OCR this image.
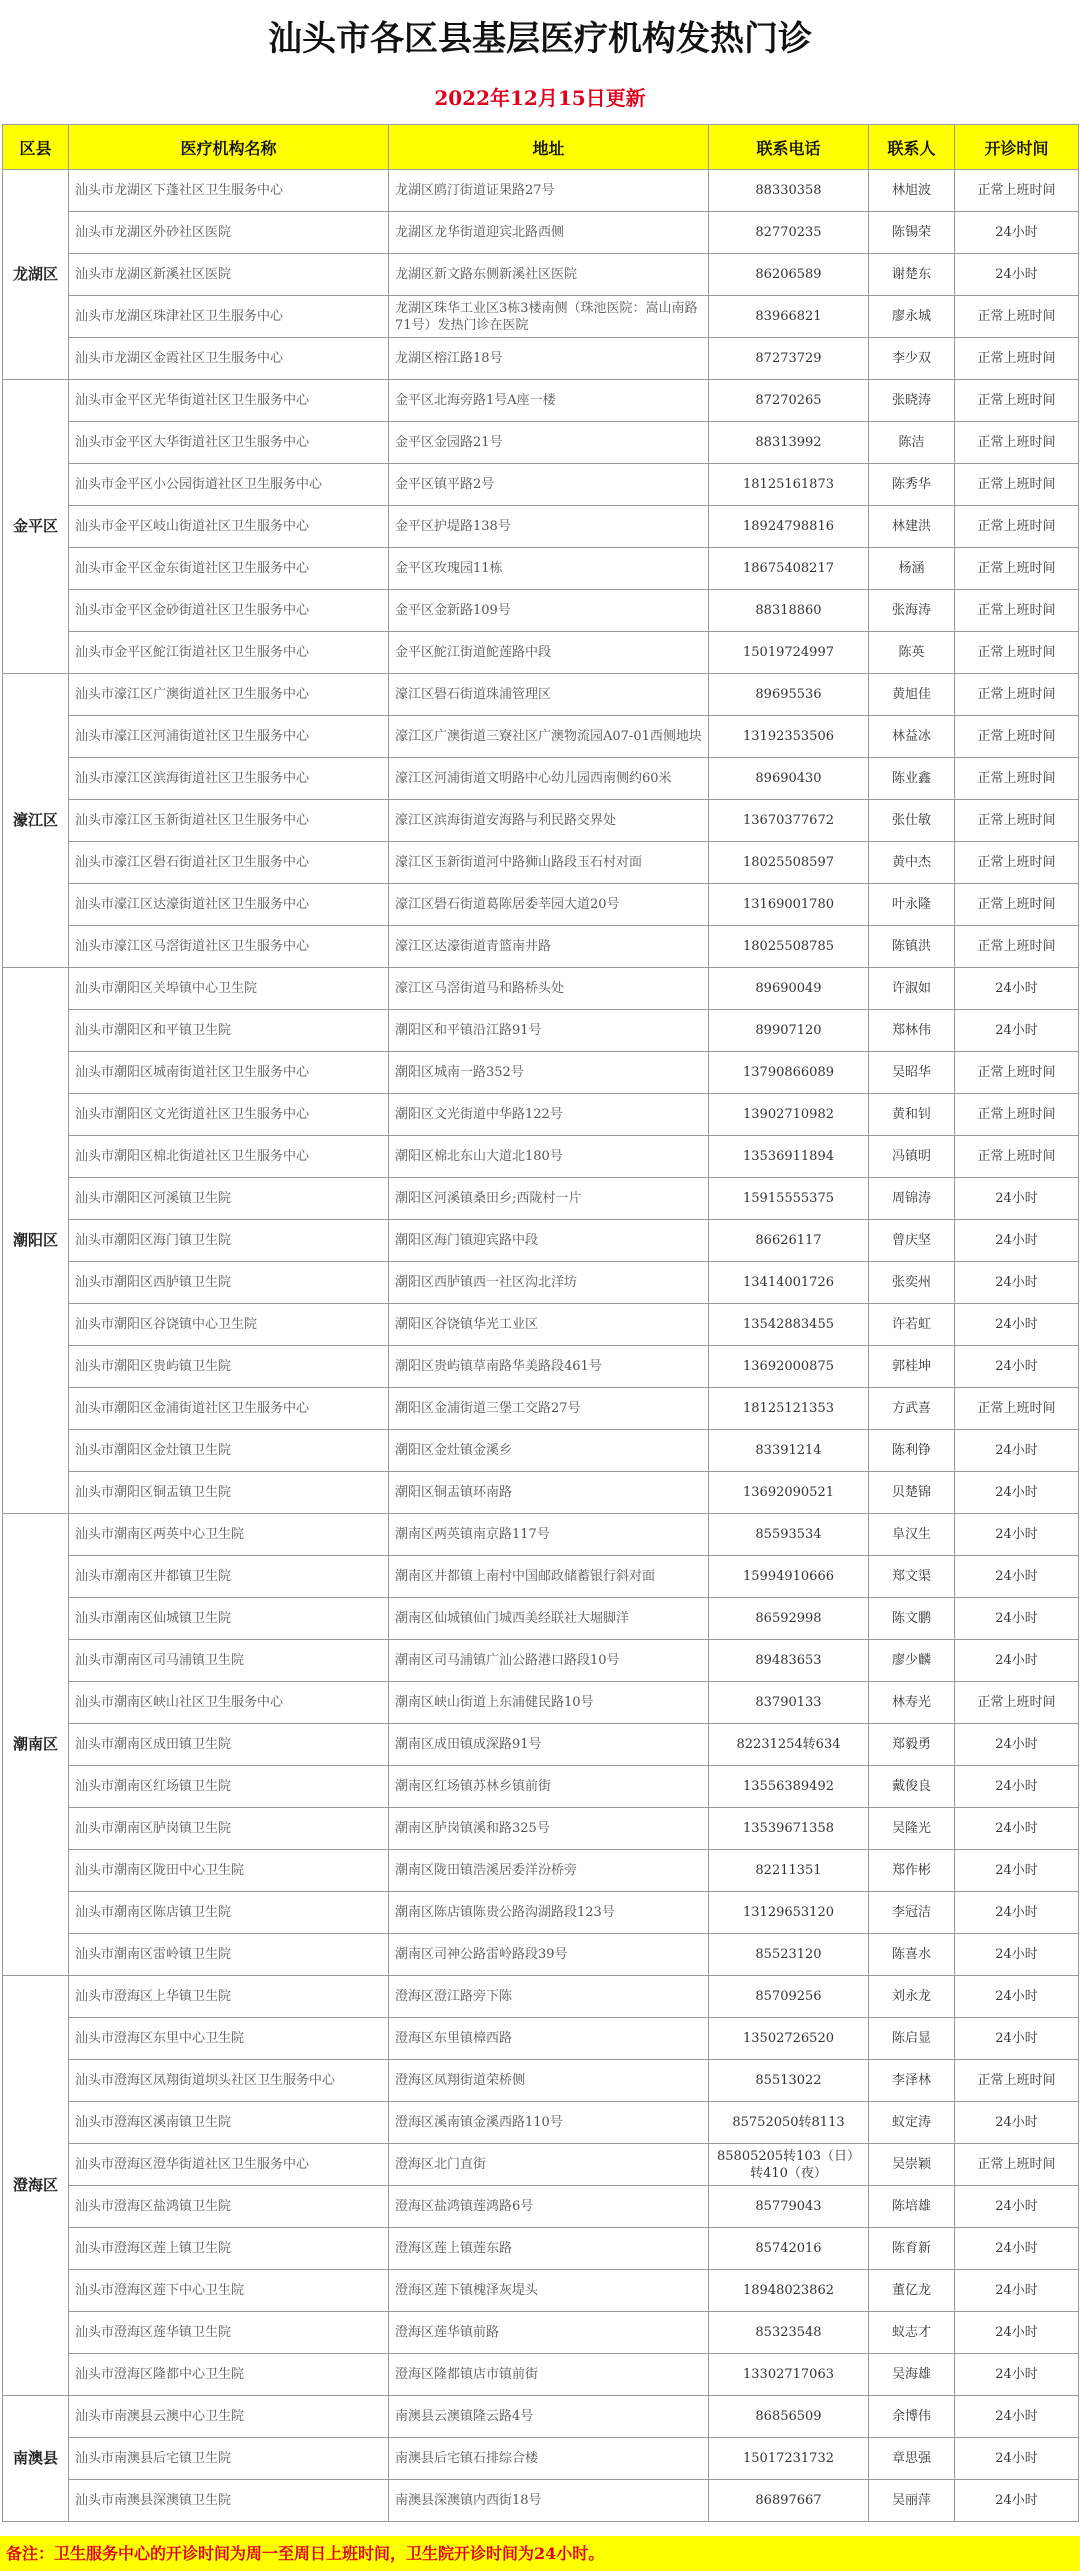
汕头市各区县基层医疗机构发热门诊
2022年12月15日更新
区县	医疗机构名称	地址	联系电话	联系人	开诊时间
龙湖区	汕头市龙湖区下蓬社区卫生服务中心	龙湖区鸥汀街道证果路27号	88330358	林旭波	正常上班时间
	汕头市龙湖区外砂社区医院	龙湖区龙华街道迎宾北路西侧	82770235	陈锡荣	24小时
	汕头市龙湖区新溪社区医院	龙湖区新文路东侧新溪社区医院	86206589	谢楚东	24小时
	汕头市龙湖区珠津社区卫生服务中心	龙湖区珠华工业区3栋3楼南侧（珠池医院：嵩山南路71号）发热门诊在医院	83966821	廖永城	正常上班时间
	汕头市龙湖区金霞社区卫生服务中心	龙湖区榕江路18号	87273729	李少双	正常上班时间
金平区	汕头市金平区光华街道社区卫生服务中心	金平区北海旁路1号A座一楼	87270265	张晓涛	正常上班时间
	汕头市金平区大华街道社区卫生服务中心	金平区金园路21号	88313992	陈洁	正常上班时间
	汕头市金平区小公园街道社区卫生服务中心	金平区镇平路2号	18125161873	陈秀华	正常上班时间
	汕头市金平区岐山街道社区卫生服务中心	金平区护堤路138号	18924798816	林建洪	正常上班时间
	汕头市金平区金东街道社区卫生服务中心	金平区玫瑰园11栋	18675408217	杨涵	正常上班时间
	汕头市金平区金砂街道社区卫生服务中心	金平区金新路109号	88318860	张海涛	正常上班时间
	汕头市金平区鮀江街道社区卫生服务中心	金平区鮀江街道鮀莲路中段	15019724997	陈英	正常上班时间
濠江区	汕头市濠江区广澳街道社区卫生服务中心	濠江区礐石街道珠浦管理区	89695536	黄旭佳	正常上班时间
	汕头市濠江区河浦街道社区卫生服务中心	濠江区广澳街道三寮社区广澳物流园A07-01西侧地块	13192353506	林益冰	正常上班时间
	汕头市濠江区滨海街道社区卫生服务中心	濠江区河浦街道文明路中心幼儿园西南侧约60米	89690430	陈业鑫	正常上班时间
	汕头市濠江区玉新街道社区卫生服务中心	濠江区滨海街道安海路与利民路交界处	13670377672	张仕敏	正常上班时间
	汕头市濠江区礐石街道社区卫生服务中心	濠江区玉新街道河中路狮山路段玉石村对面	18025508597	黄中杰	正常上班时间
	汕头市濠江区达濠街道社区卫生服务中心	濠江区礐石街道葛陈居委莘园大道20号	13169001780	叶永隆	正常上班时间
	汕头市濠江区马滘街道社区卫生服务中心	濠江区达濠街道青篮南井路	18025508785	陈镇洪	正常上班时间
潮阳区	汕头市潮阳区关埠镇中心卫生院	濠江区马滘街道马和路桥头处	89690049	许淑如	24小时
	汕头市潮阳区和平镇卫生院	潮阳区和平镇沿江路91号	89907120	郑林伟	24小时
	汕头市潮阳区城南街道社区卫生服务中心	潮阳区城南一路352号	13790866089	吴昭华	正常上班时间
	汕头市潮阳区文光街道社区卫生服务中心	潮阳区文光街道中华路122号	13902710982	黄和钊	正常上班时间
	汕头市潮阳区棉北街道社区卫生服务中心	潮阳区棉北东山大道北180号	13536911894	冯镇明	正常上班时间
	汕头市潮阳区河溪镇卫生院	潮阳区河溪镇桑田乡;西陇村一片	15915555375	周锦涛	24小时
	汕头市潮阳区海门镇卫生院	潮阳区海门镇迎宾路中段	86626117	曾庆坚	24小时
	汕头市潮阳区西胪镇卫生院	潮阳区西胪镇西一社区沟北洋坊	13414001726	张奕州	24小时
	汕头市潮阳区谷饶镇中心卫生院	潮阳区谷饶镇华光工业区	13542883455	许若虹	24小时
	汕头市潮阳区贵屿镇卫生院	潮阳区贵屿镇草南路华美路段461号	13692000875	郭桂坤	24小时
	汕头市潮阳区金浦街道社区卫生服务中心	潮阳区金浦街道三堡工交路27号	18125121353	方武喜	正常上班时间
	汕头市潮阳区金灶镇卫生院	潮阳区金灶镇金溪乡	83391214	陈利铮	24小时
	汕头市潮阳区铜盂镇卫生院	潮阳区铜盂镇环南路	13692090521	贝楚锦	24小时
潮南区	汕头市潮南区两英中心卫生院	潮南区两英镇南京路117号	85593534	阜汉生	24小时
	汕头市潮南区井都镇卫生院	潮南区井都镇上南村中国邮政储蓄银行斜对面	15994910666	郑文渠	24小时
	汕头市潮南区仙城镇卫生院	潮南区仙城镇仙门城西美经联社大堀脚洋	86592998	陈文鹏	24小时
	汕头市潮南区司马浦镇卫生院	潮南区司马浦镇广汕公路港口路段10号	89483653	廖少麟	24小时
	汕头市潮南区峡山社区卫生服务中心	潮南区峡山街道上东浦健民路10号	83790133	林寿光	正常上班时间
	汕头市潮南区成田镇卫生院	潮南区成田镇成深路91号	82231254转634	郑毅勇	24小时
	汕头市潮南区红场镇卫生院	潮南区红场镇苏林乡镇前街	13556389492	戴俊良	24小时
	汕头市潮南区胪岗镇卫生院	潮南区胪岗镇溪和路325号	13539671358	吴隆光	24小时
	汕头市潮南区陇田中心卫生院	潮南区陇田镇浩溪居委洋汾桥旁	82211351	郑作彬	24小时
	汕头市潮南区陈店镇卫生院	潮南区陈店镇陈贵公路沟湖路段123号	13129653120	李冠洁	24小时
	汕头市潮南区雷岭镇卫生院	潮南区司神公路雷岭路段39号	85523120	陈喜水	24小时
澄海区	汕头市澄海区上华镇卫生院	澄海区澄江路旁下陈	85709256	刘永龙	24小时
	汕头市澄海区东里中心卫生院	澄海区东里镇樟西路	13502726520	陈启显	24小时
	汕头市澄海区凤翔街道坝头社区卫生服务中心	澄海区凤翔街道荣桥侧	85513022	李泽林	正常上班时间
	汕头市澄海区溪南镇卫生院	澄海区溪南镇金溪西路110号	85752050转8113	蚁定涛	24小时
	汕头市澄海区澄华街道社区卫生服务中心	澄海区北门直街	85805205转103（日）转410（夜）	吴崇颖	正常上班时间
	汕头市澄海区盐鸿镇卫生院	澄海区盐鸿镇莲鸿路6号	85779043	陈培雄	24小时
	汕头市澄海区莲上镇卫生院	澄海区莲上镇莲东路	85742016	陈育新	24小时
	汕头市澄海区莲下中心卫生院	澄海区莲下镇槐泽灰堤头	18948023862	董亿龙	24小时
	汕头市澄海区莲华镇卫生院	澄海区莲华镇前路	85323548	蚁志才	24小时
	汕头市澄海区隆都中心卫生院	澄海区隆都镇店市镇前街	13302717063	吴海雄	24小时
南澳县	汕头市南澳县云澳中心卫生院	南澳县云澳镇隆云路4号	86856509	余博伟	24小时
	汕头市南澳县后宅镇卫生院	南澳县后宅镇石排综合楼	15017231732	章思强	24小时
	汕头市南澳县深澳镇卫生院	南澳县深澳镇内西街18号	86897667	吴丽萍	24小时
备注：卫生服务中心的开诊时间为周一至周日上班时间，卫生院开诊时间为24小时。
